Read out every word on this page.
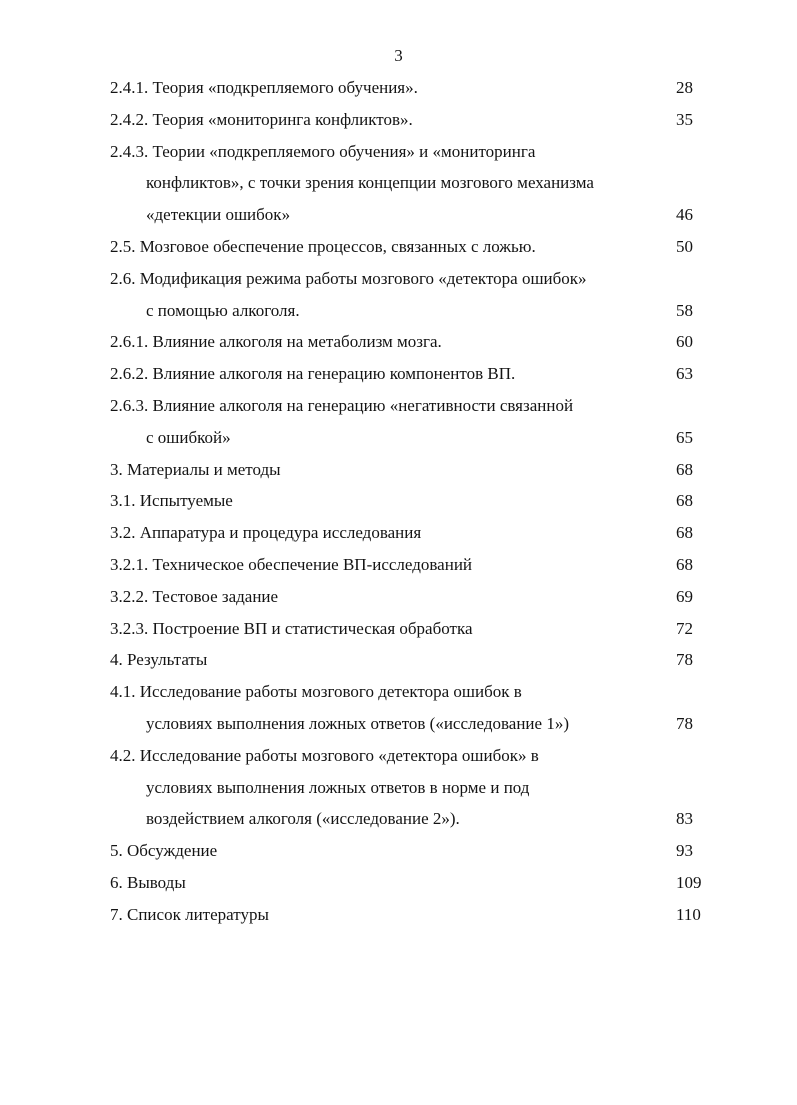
3
2.4.1. Теория «подкрепляемого обучения».	28
2.4.2. Теория «мониторинга конфликтов».	35
2.4.3. Теории «подкрепляемого обучения» и «мониторинга
конфликтов», с точки зрения концепции мозгового механизма
«детекции ошибок»	46
2.5. Мозговое обеспечение процессов, связанных с ложью.	50
2.6. Модификация режима работы мозгового «детектора ошибок»
с помощью алкоголя.	58
2.6.1. Влияние алкоголя на метаболизм мозга.	60
2.6.2. Влияние алкоголя на генерацию компонентов ВП.	63
2.6.3. Влияние алкоголя на генерацию «негативности связанной
с ошибкой»	65
3. Материалы и методы	68
3.1. Испытуемые	68
3.2. Аппаратура и процедура исследования	68
3.2.1. Техническое обеспечение ВП-исследований	68
3.2.2. Тестовое задание	69
3.2.3. Построение ВП и статистическая обработка	72
4. Результаты	78
4.1. Исследование работы мозгового детектора ошибок в
условиях выполнения ложных ответов («исследование 1»)	78
4.2. Исследование работы мозгового «детектора ошибок» в
условиях выполнения ложных ответов в норме и под
воздействием алкоголя («исследование 2»).	83
5. Обсуждение	93
6. Выводы	109
7. Список литературы	110
